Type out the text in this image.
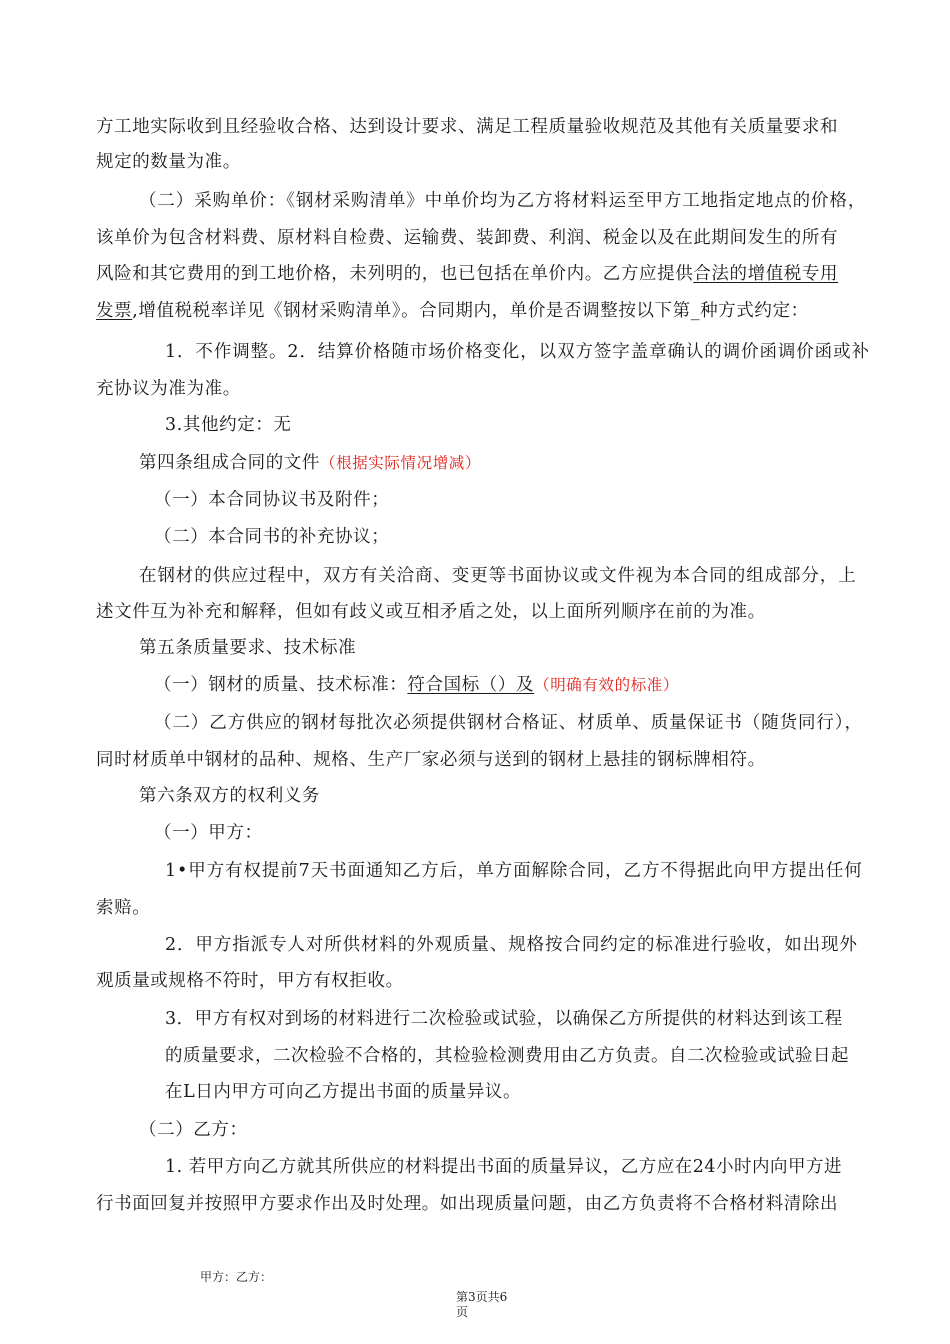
方工地实际收到且经验收合格、达到设计要求、满足工程质量验收规范及其他有关质量要求和
规定的数量为准。
（二）采购单价：《钢材采购清单》中单价均为乙方将材料运至甲方工地指定地点的价格，
该单价为包含材料费、原材料自检费、运输费、装卸费、利润、税金以及在此期间发生的所有
风险和其它费用的到工地价格，未列明的，也已包括在单价内。乙方应提供合法的增值税专用
发票,增值税税率详见《钢材采购清单》。合同期内，单价是否调整按以下第_种方式约定：
1．不作调整。2．结算价格随市场价格变化，以双方签字盖章确认的调价函调价函或补
充协议为准为准。
3.其他约定：无
第四条组成合同的文件（根据实际情况增减）
（一）本合同协议书及附件；
（二）本合同书的补充协议；
在钢材的供应过程中，双方有关洽商、变更等书面协议或文件视为本合同的组成部分，上
述文件互为补充和解释，但如有歧义或互相矛盾之处，以上面所列顺序在前的为准。
第五条质量要求、技术标准
（一）钢材的质量、技术标准：符合国标（）及（明确有效的标准）
（二）乙方供应的钢材每批次必须提供钢材合格证、材质单、质量保证书（随货同行），
同时材质单中钢材的品种、规格、生产厂家必须与送到的钢材上悬挂的钢标牌相符。
第六条双方的权利义务
（一）甲方：
1•甲方有权提前7天书面通知乙方后，单方面解除合同，乙方不得据此向甲方提出任何
索赔。
2．甲方指派专人对所供材料的外观质量、规格按合同约定的标准进行验收，如出现外
观质量或规格不符时，甲方有权拒收。
3．甲方有权对到场的材料进行二次检验或试验，以确保乙方所提供的材料达到该工程
的质量要求，二次检验不合格的，其检验检测费用由乙方负责。自二次检验或试验日起
在L日内甲方可向乙方提出书面的质量异议。
（二）乙方：
1. 若甲方向乙方就其所供应的材料提出书面的质量异议，乙方应在24小时内向甲方进
行书面回复并按照甲方要求作出及时处理。如出现质量问题，由乙方负责将不合格材料清除出
甲方：乙方：
第3页共6
页
